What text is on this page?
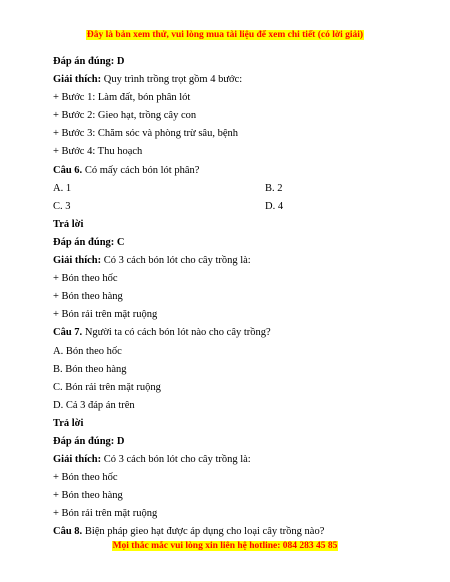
Đây là bản xem thử, vui lòng mua tài liệu để xem chi tiết (có lời giải)
Đáp án đúng: D
Giải thích: Quy trình trồng trọt gồm 4 bước:
+ Bước 1: Làm đất, bón phân lót
+ Bước 2: Gieo hạt, trồng cây con
+ Bước 3: Chăm sóc và phòng trừ sâu, bệnh
+ Bước 4: Thu hoạch
Câu 6. Có mấy cách bón lót phân?
A. 1	B. 2
C. 3	D. 4
Trả lời
Đáp án đúng: C
Giải thích: Có 3 cách bón lót cho cây trồng là:
+ Bón theo hốc
+ Bón theo hàng
+ Bón rải trên mặt ruộng
Câu 7. Người ta có cách bón lót nào cho cây trồng?
A. Bón theo hốc
B. Bón theo hàng
C. Bón rải trên mặt ruộng
D. Cả 3 đáp án trên
Trả lời
Đáp án đúng: D
Giải thích: Có 3 cách bón lót cho cây trồng là:
+ Bón theo hốc
+ Bón theo hàng
+ Bón rải trên mặt ruộng
Câu 8. Biện pháp gieo hạt được áp dụng cho loại cây trồng nào?
Mọi thắc mắc vui lòng xin liên hệ hotline: 084 283 45 85
